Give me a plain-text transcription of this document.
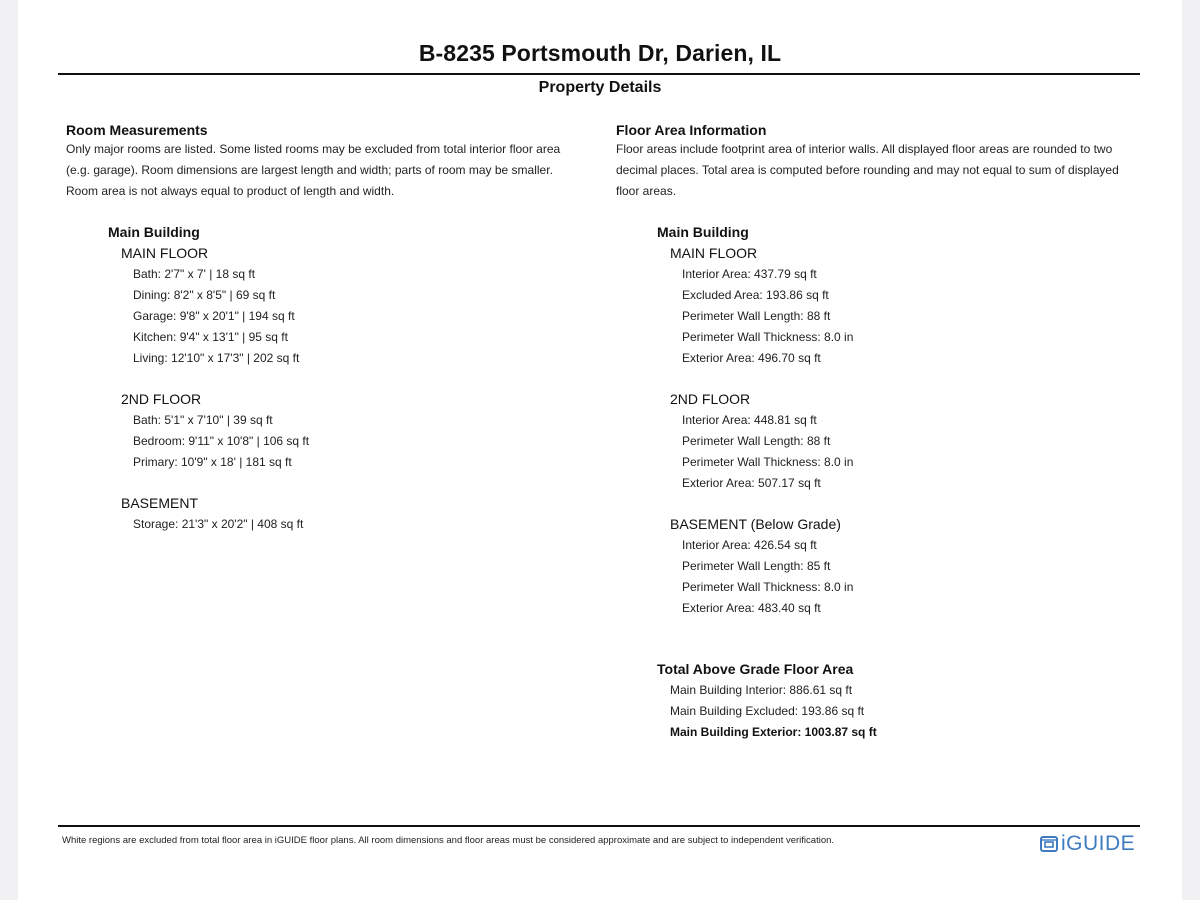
B-8235 Portsmouth Dr, Darien, IL
Property Details

Room Measurements

Only major rooms are listed. Some listed rooms may be excluded from total interior floor area

(e.g. garage). Room dimensions are largest length and width; parts of room may be smaller.

Room area is not always equal to product of length and width.

Main Building
MAIN FLOOR
Bath: 2'7" x 7' | 18 sq ft
Dining: 8'2" x 8'5" | 69 sq ft
Garage: 9'8" x 20'1" | 194 sq ft
Kitchen: 9'4" x 13'1" | 95 sq ft
Living: 12'10" x 17'3" | 202 sq ft
2ND FLOOR
Bath: 5'1" x 7'10" | 39 sq ft
Bedroom: 9'11" x 10'8" | 106 sq ft
Primary: 10'9" x 18' | 181 sq ft
BASEMENT
Storage: 21'3" x 20'2" | 408 sq ft

Floor Area Information

Floor areas include footprint area of interior walls. All displayed floor areas are rounded to two

decimal places. Total area is computed before rounding and may not equal to sum of displayed

floor areas.

Main Building
MAIN FLOOR
Interior Area: 437.79 sq ft
Excluded Area: 193.86 sq ft
Perimeter Wall Length: 88 ft
Perimeter Wall Thickness: 8.0 in
Exterior Area: 496.70 sq ft
2ND FLOOR
Interior Area: 448.81 sq ft
Perimeter Wall Length: 88 ft
Perimeter Wall Thickness: 8.0 in
Exterior Area: 507.17 sq ft
BASEMENT (Below Grade)
Interior Area: 426.54 sq ft
Perimeter Wall Length: 85 ft
Perimeter Wall Thickness: 8.0 in
Exterior Area: 483.40 sq ft
Total Above Grade Floor Area
Main Building Interior: 886.61 sq ft
Main Building Excluded: 193.86 sq ft
Main Building Exterior: 1003.87 sq ft
White regions are excluded from total floor area in iGUIDE floor plans. All room dimensions and floor areas must be considered approximate and are subject to independent verification.	iGUIDE
